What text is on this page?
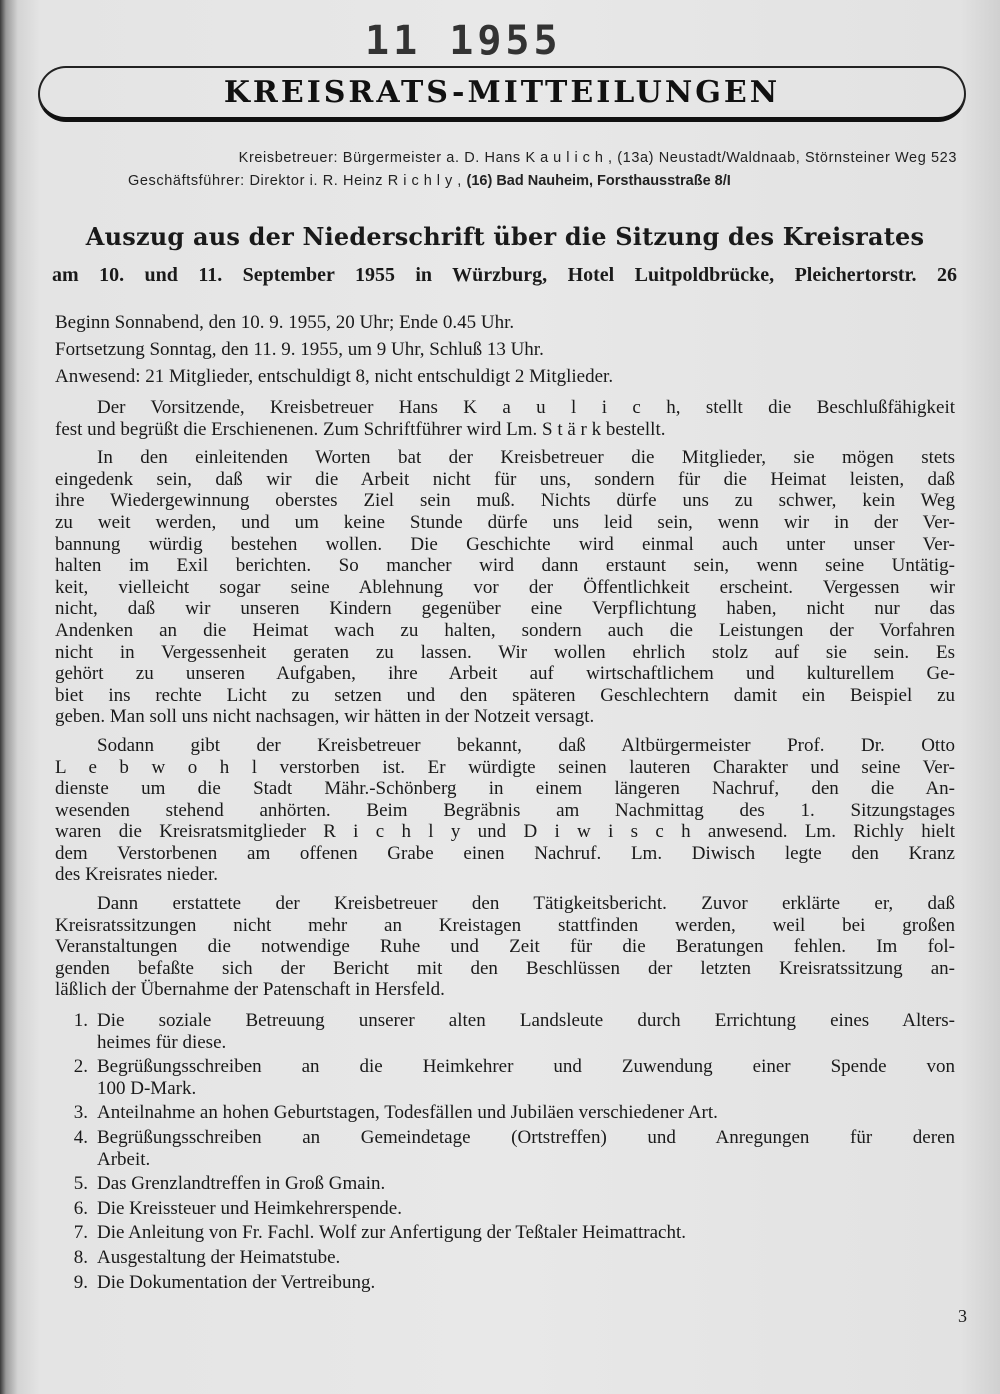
11 1955
KREISRATS-MITTEILUNGEN
Kreisbetreuer: Bürgermeister a. D. Hans Kaulich, (13a) Neustadt/Waldnaab, Störnsteiner Weg 523
Geschäftsführer: Direktor i. R. Heinz Richly, (16) Bad Nauheim, Forsthausstraße 8/I
Auszug aus der Niederschrift über die Sitzung des Kreisrates
am 10. und 11. September 1955 in Würzburg, Hotel Luitpoldbrücke, Pleichertorstr. 26
Beginn Sonnabend, den 10. 9. 1955, 20 Uhr; Ende 0.45 Uhr.
Fortsetzung Sonntag, den 11. 9. 1955, um 9 Uhr, Schluß 13 Uhr.
Anwesend: 21 Mitglieder, entschuldigt 8, nicht entschuldigt 2 Mitglieder.
Der Vorsitzende, Kreisbetreuer Hans K a u l i c h, stellt die Beschlußfähigkeit
fest und begrüßt die Erschienenen. Zum Schriftführer wird Lm. S t ä r k bestellt.
In den einleitenden Worten bat der Kreisbetreuer die Mitglieder, sie mögen stets
eingedenk sein, daß wir die Arbeit nicht für uns, sondern für die Heimat leisten, daß
ihre Wiedergewinnung oberstes Ziel sein muß. Nichts dürfe uns zu schwer, kein Weg
zu weit werden, und um keine Stunde dürfe uns leid sein, wenn wir in der Ver-
bannung würdig bestehen wollen. Die Geschichte wird einmal auch unter unser Ver-
halten im Exil berichten. So mancher wird dann erstaunt sein, wenn seine Untätig-
keit, vielleicht sogar seine Ablehnung vor der Öffentlichkeit erscheint. Vergessen wir
nicht, daß wir unseren Kindern gegenüber eine Verpflichtung haben, nicht nur das
Andenken an die Heimat wach zu halten, sondern auch die Leistungen der Vorfahren
nicht in Vergessenheit geraten zu lassen. Wir wollen ehrlich stolz auf sie sein. Es
gehört zu unseren Aufgaben, ihre Arbeit auf wirtschaftlichem und kulturellem Ge-
biet ins rechte Licht zu setzen und den späteren Geschlechtern damit ein Beispiel zu
geben. Man soll uns nicht nachsagen, wir hätten in der Notzeit versagt.
Sodann gibt der Kreisbetreuer bekannt, daß Altbürgermeister Prof. Dr. Otto
L e b w o h l verstorben ist. Er würdigte seinen lauteren Charakter und seine Ver-
dienste um die Stadt Mähr.-Schönberg in einem längeren Nachruf, den die An-
wesenden stehend anhörten. Beim Begräbnis am Nachmittag des 1. Sitzungstages
waren die Kreisratsmitglieder R i c h l y und D i w i s c h anwesend. Lm. Richly hielt
dem Verstorbenen am offenen Grabe einen Nachruf. Lm. Diwisch legte den Kranz
des Kreisrates nieder.
Dann erstattete der Kreisbetreuer den Tätigkeitsbericht. Zuvor erklärte er, daß
Kreisratssitzungen nicht mehr an Kreistagen stattfinden werden, weil bei großen
Veranstaltungen die notwendige Ruhe und Zeit für die Beratungen fehlen. Im fol-
genden befaßte sich der Bericht mit den Beschlüssen der letzten Kreisratssitzung an-
läßlich der Übernahme der Patenschaft in Hersfeld.
1. Die soziale Betreuung unserer alten Landsleute durch Errichtung eines Alters-
heimes für diese.
2. Begrüßungsschreiben an die Heimkehrer und Zuwendung einer Spende von
100 D-Mark.
3. Anteilnahme an hohen Geburtstagen, Todesfällen und Jubiläen verschiedener Art.
4. Begrüßungsschreiben an Gemeindetage (Ortstreffen) und Anregungen für deren
Arbeit.
5. Das Grenzlandtreffen in Groß Gmain.
6. Die Kreissteuer und Heimkehrerspende.
7. Die Anleitung von Fr. Fachl. Wolf zur Anfertigung der Teßtaler Heimattracht.
8. Ausgestaltung der Heimatstube.
9. Die Dokumentation der Vertreibung.
3
